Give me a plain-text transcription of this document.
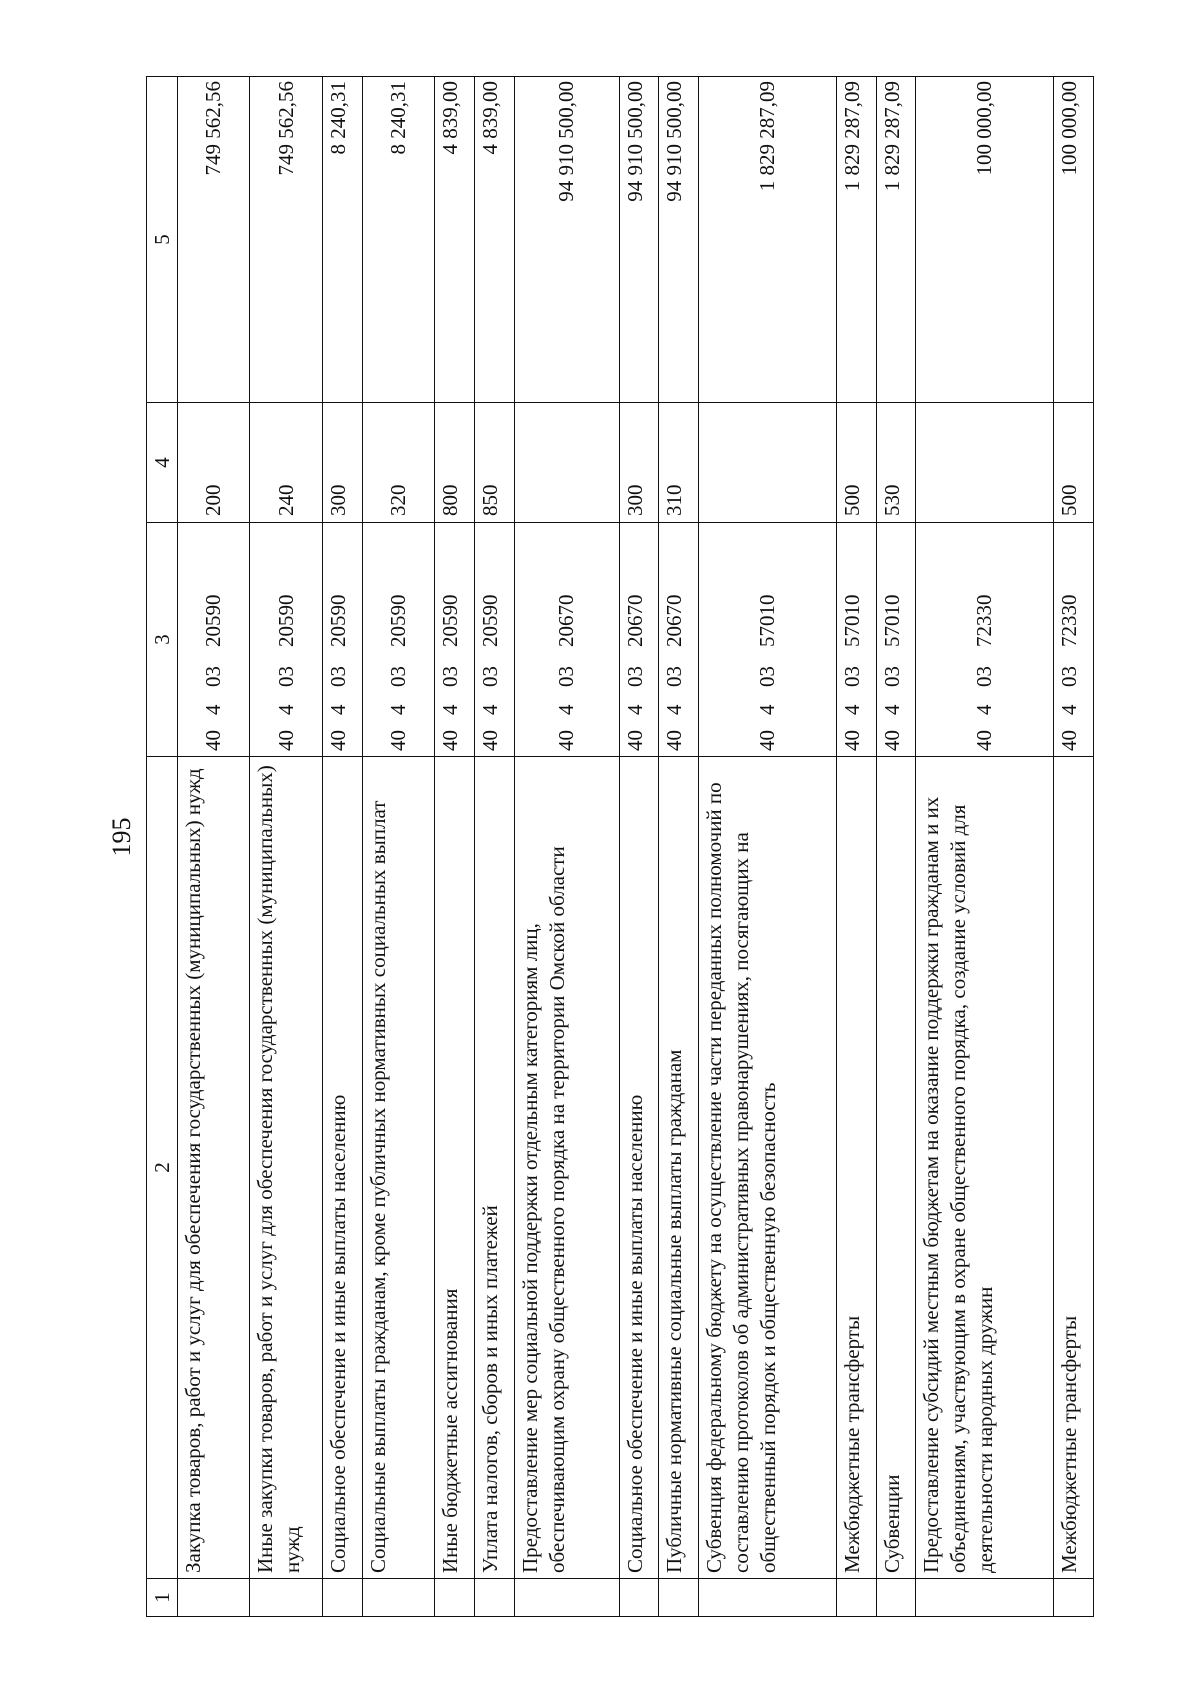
195
1	2	3	4	5
	Закупка товаров, работ и услуг для обеспечения государственных (муниципальных) нужд	4040320590	200	749 562,56
	Иные закупки товаров, работ и услуг для обеспечения государственных (муниципальных) нужд	4040320590	240	749 562,56
	Социальное обеспечение и иные выплаты населению	4040320590	300	8 240,31
	Социальные выплаты гражданам, кроме публичных нормативных социальных выплат	4040320590	320	8 240,31
	Иные бюджетные ассигнования	4040320590	800	4 839,00
	Уплата налогов, сборов и иных платежей	4040320590	850	4 839,00
	Предоставление мер социальной поддержки отдельным категориям лиц, обеспечивающим охрану общественного порядка на территории Омской области	4040320670		94 910 500,00
	Социальное обеспечение и иные выплаты населению	4040320670	300	94 910 500,00
	Публичные нормативные социальные выплаты гражданам	4040320670	310	94 910 500,00
	Субвенция федеральному бюджету на осуществление части переданных полномочий по составлению протоколов об административных правонарушениях, посягающих на общественный порядок и общественную безопасность	4040357010		1 829 287,09
	Межбюджетные трансферты	4040357010	500	1 829 287,09
	Субвенции	4040357010	530	1 829 287,09
	Предоставление субсидий местным бюджетам на оказание поддержки гражданам и их объединениям, участвующим в охране общественного порядка, создание условий для деятельности народных дружин	4040372330		100 000,00
	Межбюджетные трансферты	4040372330	500	100 000,00
